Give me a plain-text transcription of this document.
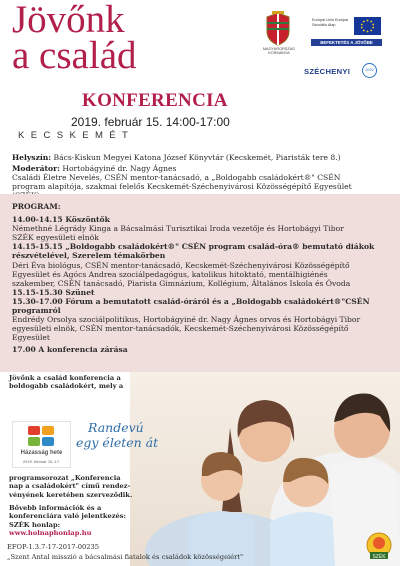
Jövőnk
a család
KONFERENCIA
2019. február 15. 14:00-17:00
KECSKEMÉT
MAGYARORSZÁG KORMÁNYA
Európai Unió Európai Szociális Alap
BEFEKTETÉS A JÖVŐBE
SZÉCHENYI	2020
Helyszín: Bács-Kiskun Megyei Katona József Könyvtár (Kecskemét, Piaristák tere 8.)
Moderátor: Hortobágyiné dr. Nagy Ágnes
Családi Életre Nevelés, CSÉN mentor-tanácsadó, a „Boldogabb családokért®" CSÉN
program alapítója, szakmai felelős Kecskemét-Széchenyivárosi Közösségépítő Egyesület
PROGRAM:
14.00-14.15 Köszöntők
Némethné Légrády Kinga a Bácsalmási Turisztikai Iroda vezetője és Hortobágyi Tibor
SZÉK egyesületi elnök
14.15-15.15 „Boldogabb családokért®" CSÉN program család-óra® bemutató diákok
részvételével, Szerelem témakörben
Déri Éva biológus, CSÉN mentor-tanácsadó, Kecskemét-Széchenyivárosi Közösségépítő
Egyesület és Agócs Andrea szociálpedagógus, katolikus hitoktató, mentálhigiénés
szakember, CSÉN tanácsadó, Piarista Gimnázium, Kollégium, Általános Iskola és Óvoda
15.15-15.30 Szünet
15.30-17.00 Fórum a bemutatott család-óráról és a „Boldogabb családokért®"CSÉN
programról
Endrédy Orsolya szociálpolitikus, Hortobágyiné dr. Nagy Ágnes orvos és Hortobágyi Tibor
egyesületi elnök, CSÉN mentor-tanácsadók, Kecskemét-Széchenyivárosi Közösségépítő
Egyesület
17.00 A konferencia zárása
Jövőnk a család konferencia a
boldogabb családokért, mely a
Házasság hete
2019. február 10–17.
Randevú
egy életen át
programsorozat „Konferencia
nap a családokért" című rendez-
vényének keretében szerveződik.
Bővebb információk és a
konferenciára való jelentkezés:
SZÉK honlap:
www.holnaphonlap.hu
EFOP-1.3.7-17-2017-00235
„Szent Antal misszió a bácsalmási fiatalok és családok közösségeiért"	SZÉK
